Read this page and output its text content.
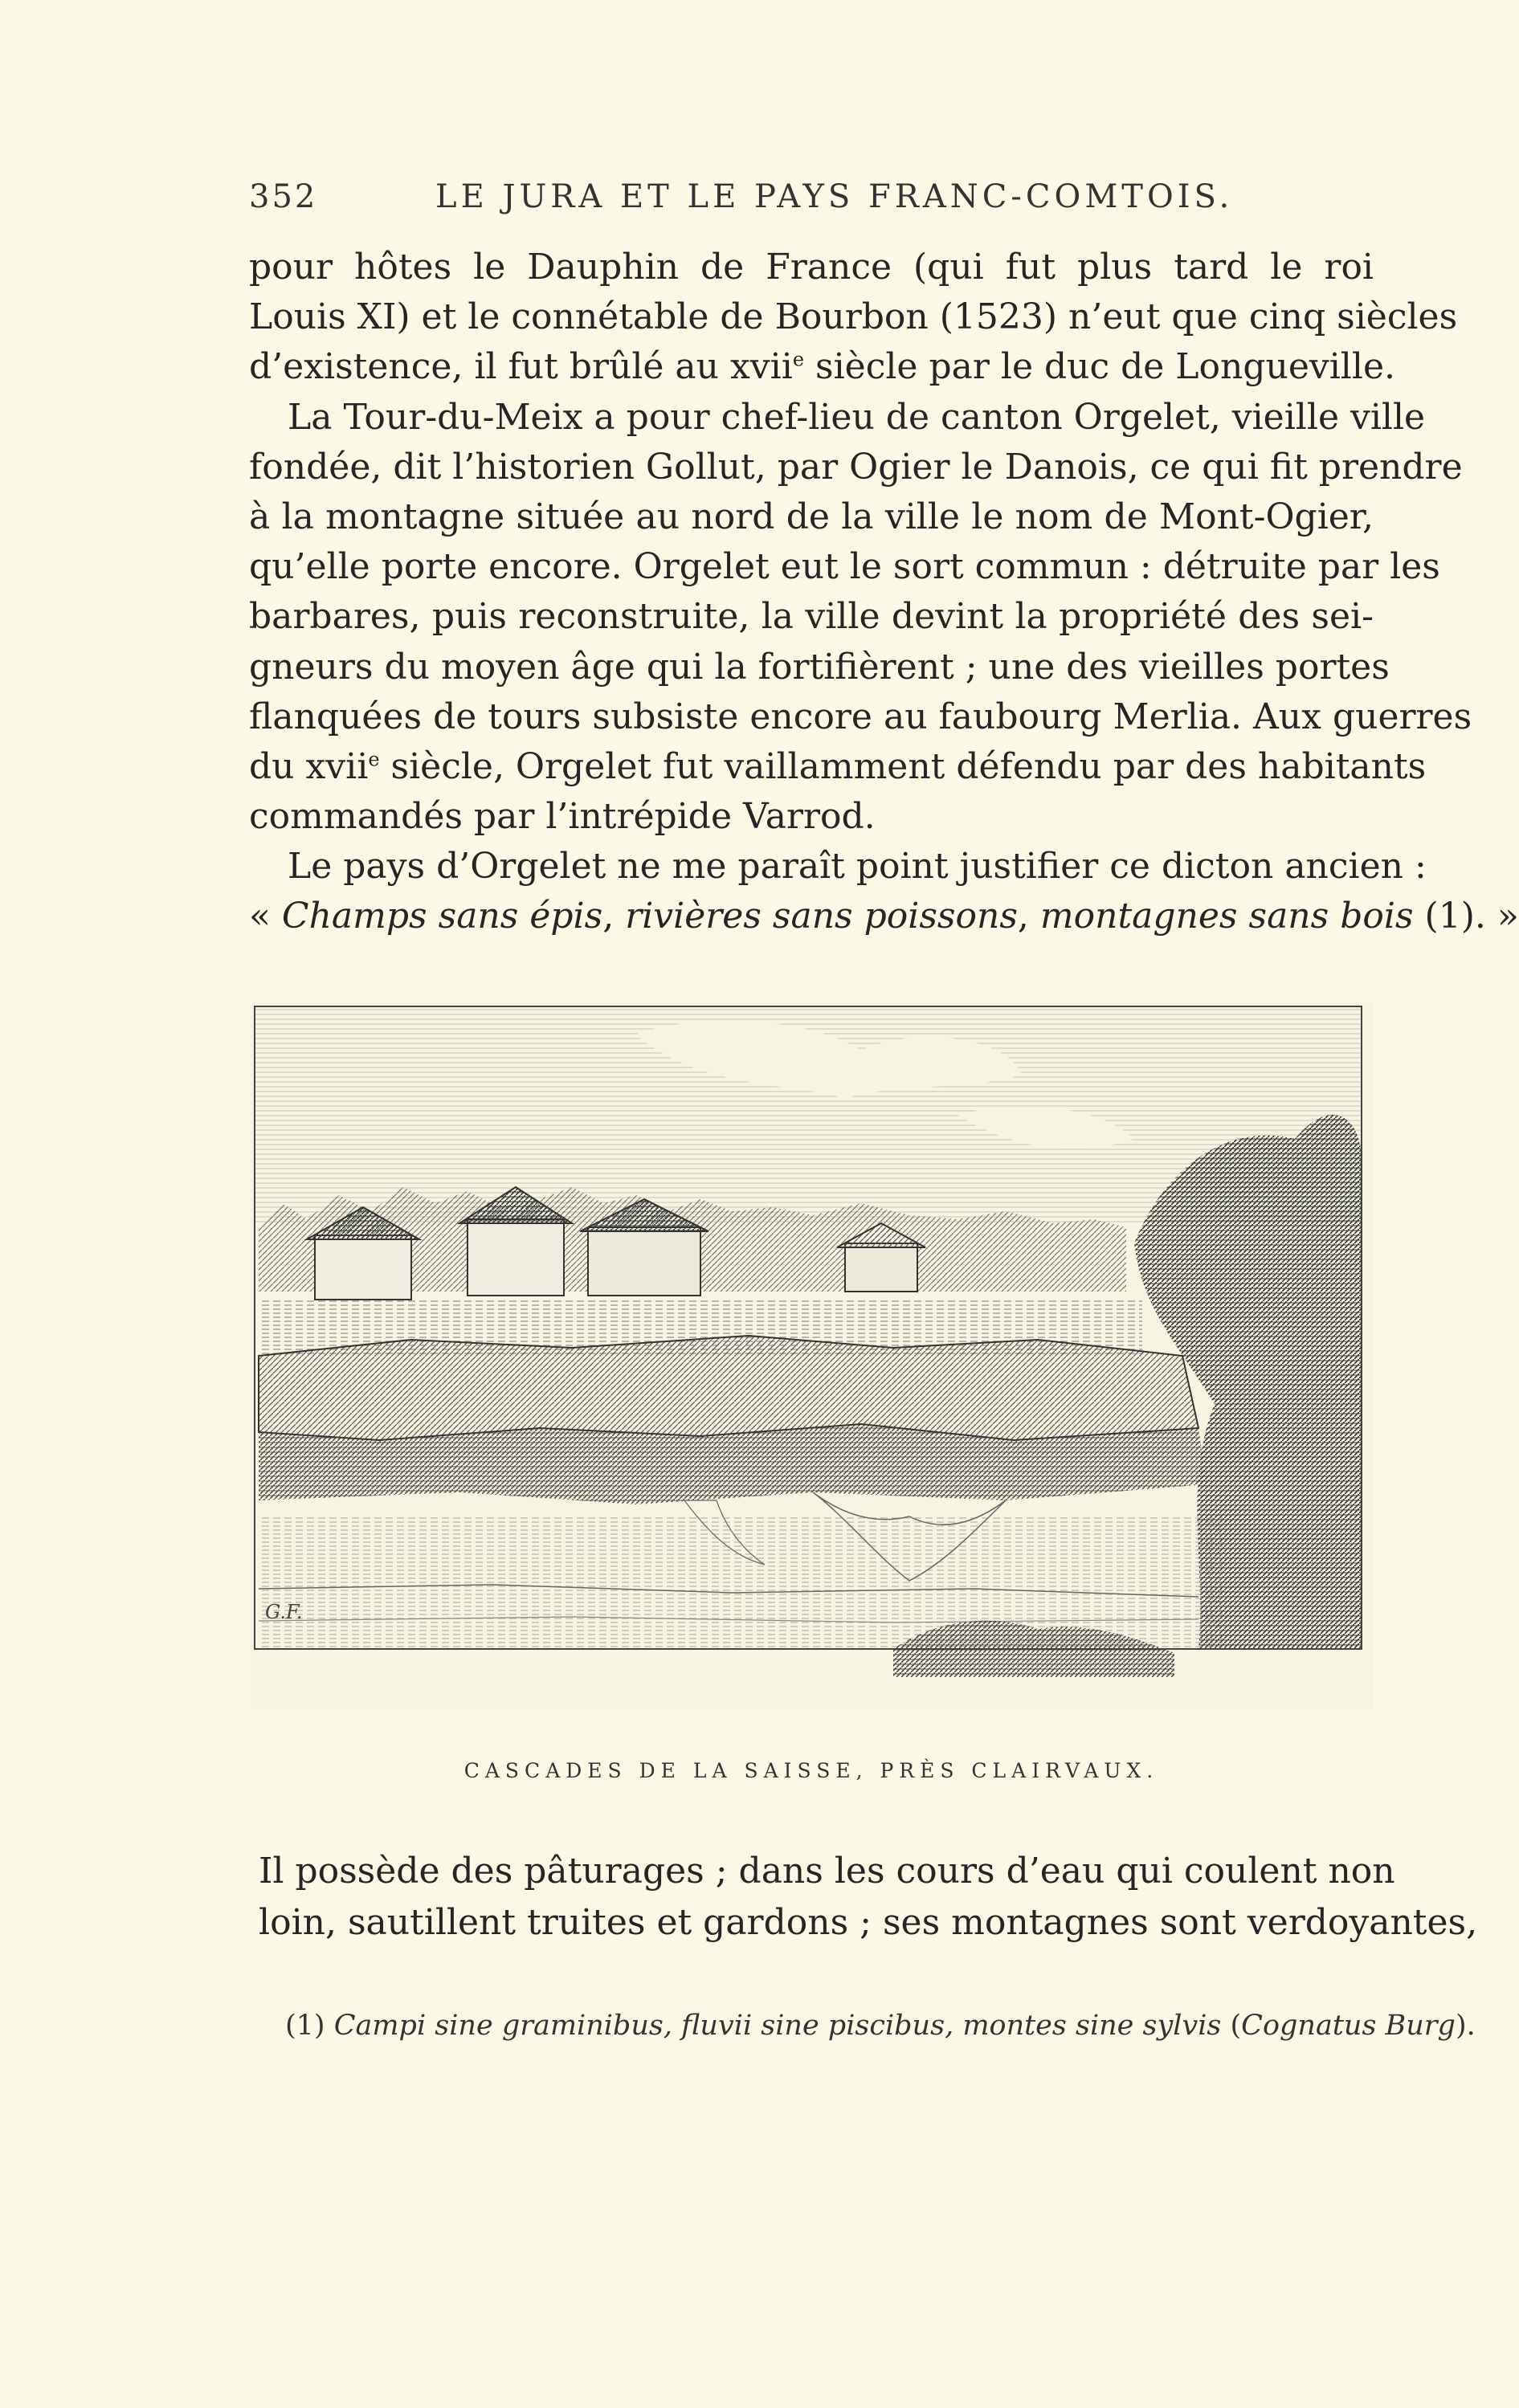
352	LE JURA ET LE PAYS FRANC-COMTOIS.
pour hôtes le Dauphin de France (qui fut plus tard le roi
Louis XI) et le connétable de Bourbon (1523) n’eut que cinq siècles
d’existence, il fut brûlé au xvii$^e$ siècle par le duc de Longueville.
La Tour-du-Meix a pour chef-lieu de canton Orgelet, vieille ville
fondée, dit l’historien Gollut, par Ogier le Danois, ce qui fit prendre
à la montagne située au nord de la ville le nom de Mont-Ogier,
qu’elle porte encore. Orgelet eut le sort commun : détruite par les
barbares, puis reconstruite, la ville devint la propriété des sei-
gneurs du moyen âge qui la fortifièrent ; une des vieilles portes
flanquées de tours subsiste encore au faubourg Merlia. Aux guerres
du xvii$^e$ siècle, Orgelet fut vaillamment défendu par des habitants
commandés par l’intrépide Varrod.
Le pays d’Orgelet ne me paraît point justifier ce dicton ancien :
« Champs sans épis, rivières sans poissons, montagnes sans bois (1). »
G.F.
CASCADES DE LA SAISSE, PRÈS CLAIRVAUX.
Il possède des pâturages ; dans les cours d’eau qui coulent non
loin, sautillent truites et gardons ; ses montagnes sont verdoyantes,
(1) Campi sine graminibus, fluvii sine piscibus, montes sine sylvis (Cognatus Burg).
